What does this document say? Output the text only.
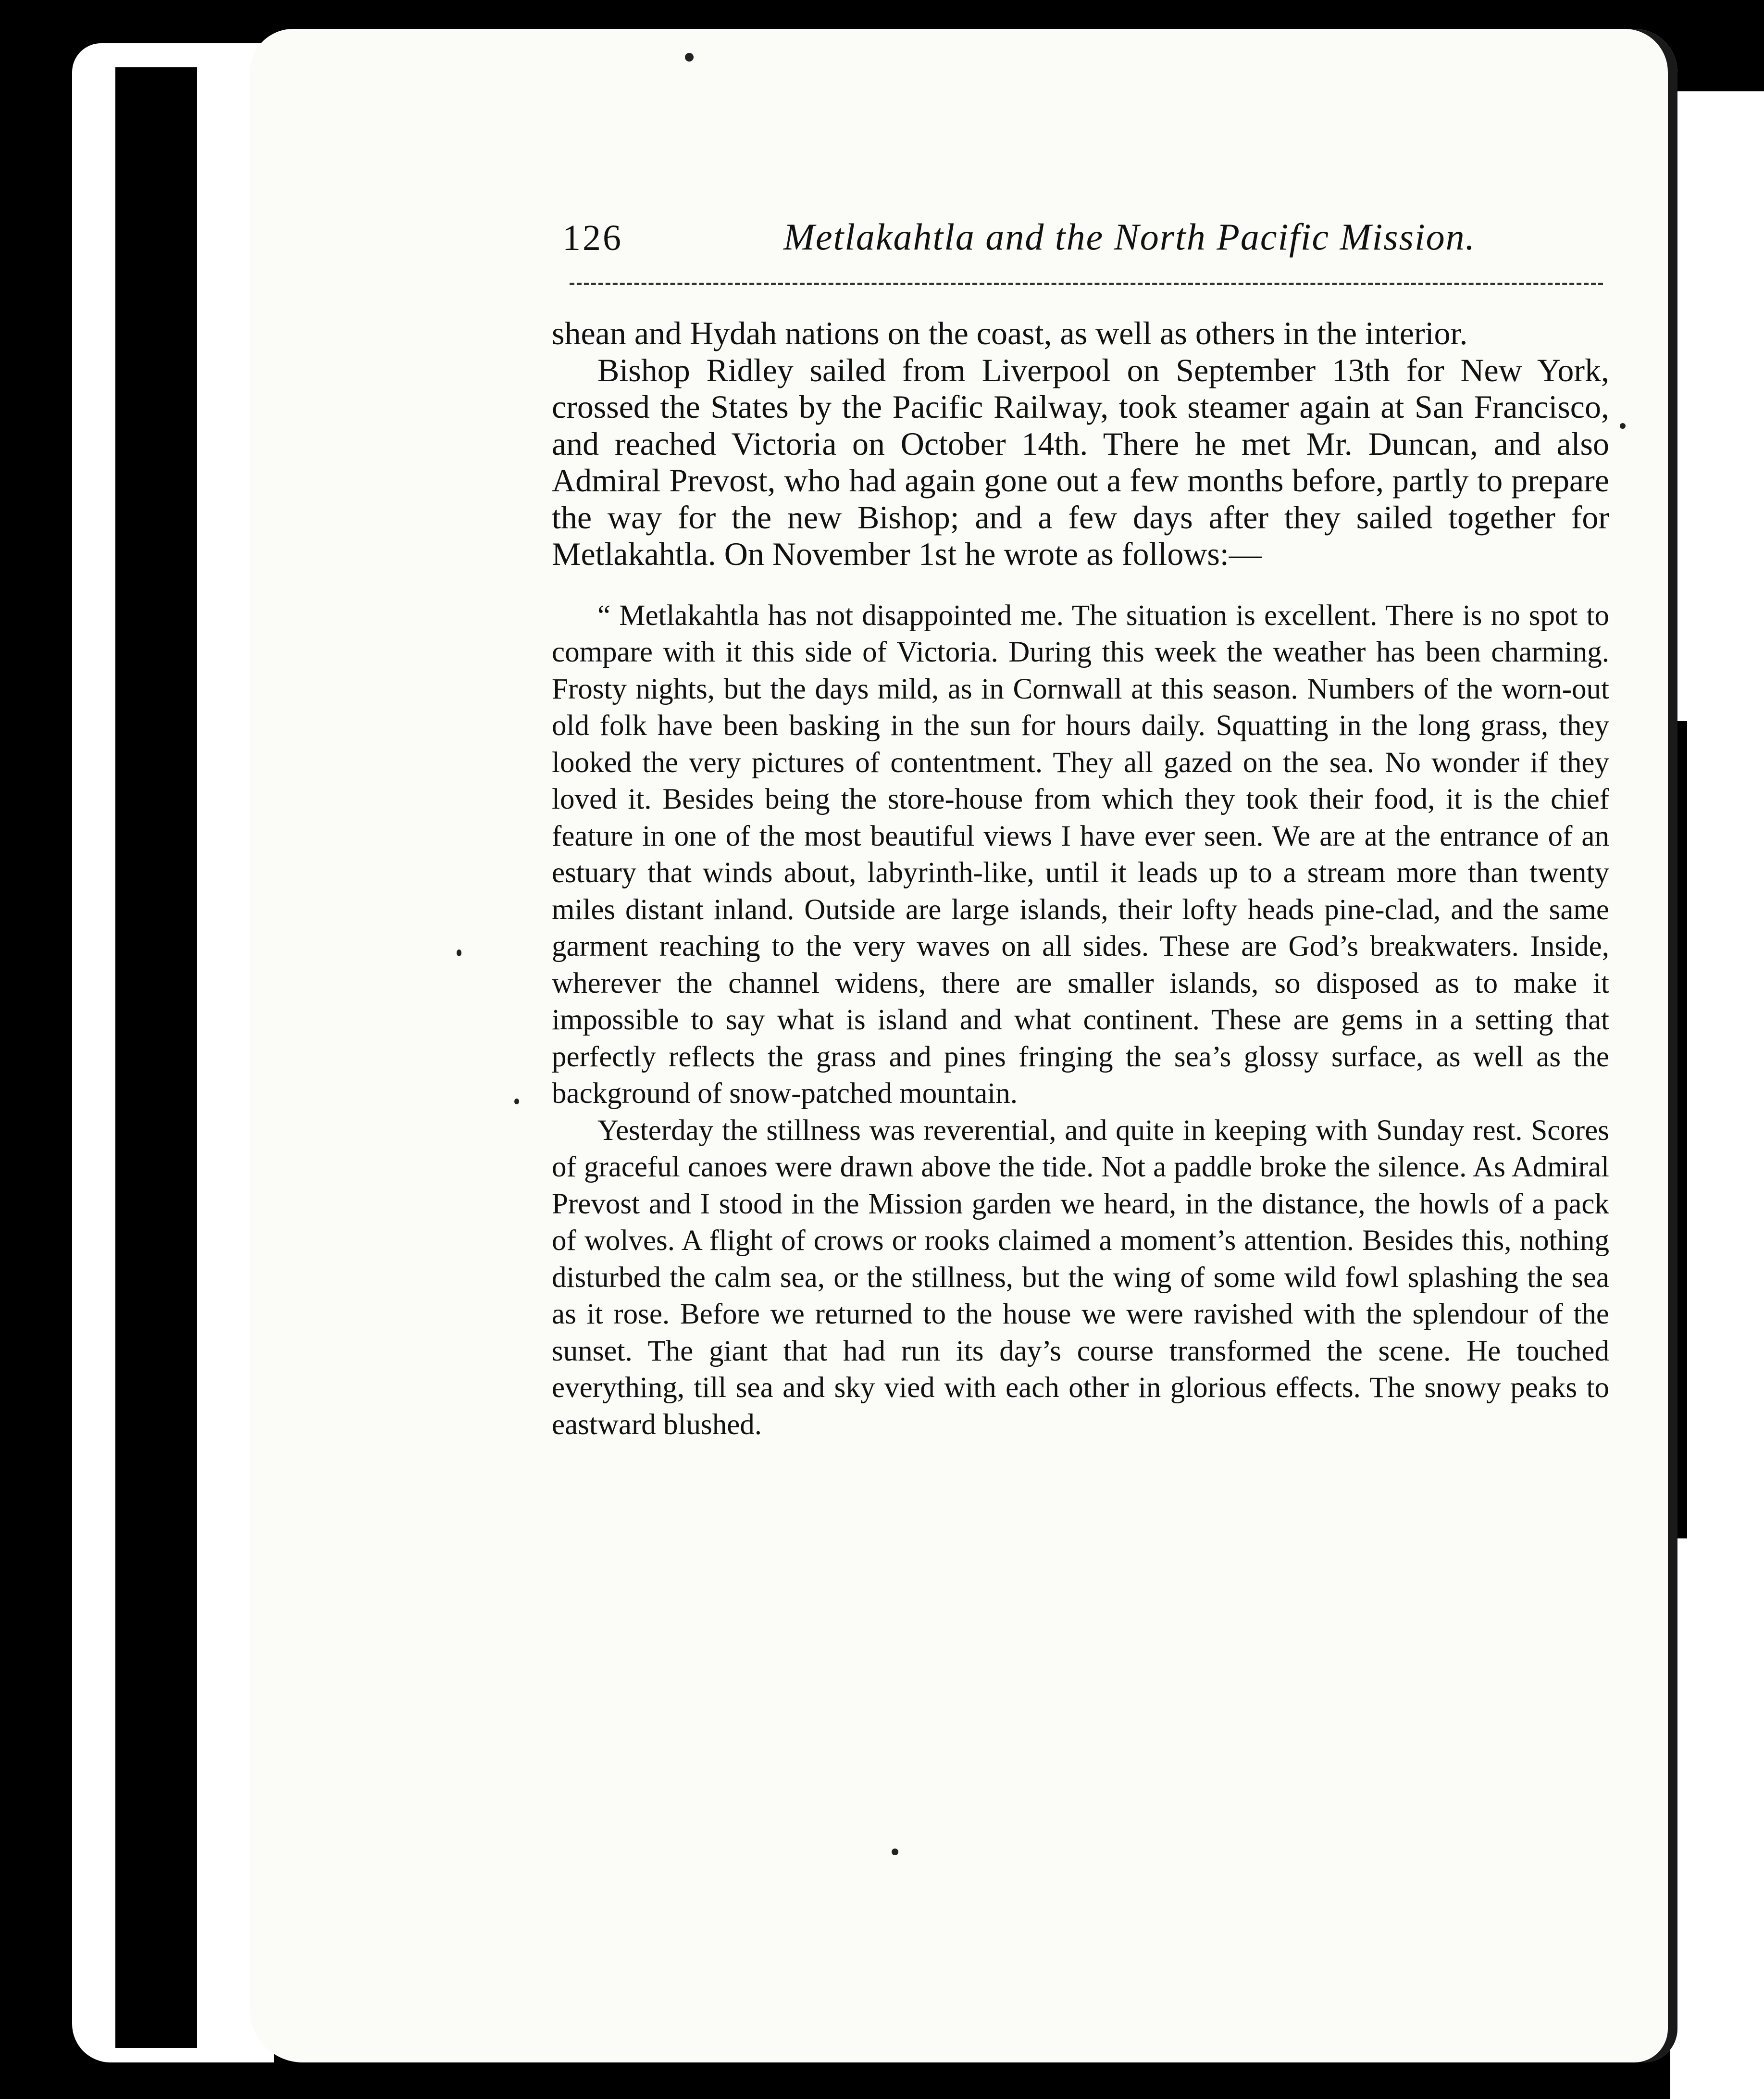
126	Metlakahtla and the North Pacific Mission.

shean and Hydah nations on the coast, as well as others in the interior.

Bishop Ridley sailed from Liverpool on September 13th for New York, crossed the States by the Pacific Railway, took steamer again at San Francisco, and reached Victoria on October 14th. There he met Mr. Duncan, and also Admiral Prevost, who had again gone out a few months before, partly to prepare the way for the new Bishop; and a few days after they sailed together for Metlakahtla. On November 1st he wrote as follows:—

“ Metlakahtla has not disappointed me. The situation is excellent. There is no spot to compare with it this side of Victoria. During this week the weather has been charming. Frosty nights, but the days mild, as in Cornwall at this season. Numbers of the worn-out old folk have been basking in the sun for hours daily. Squatting in the long grass, they looked the very pictures of contentment. They all gazed on the sea. No wonder if they loved it. Besides being the store-house from which they took their food, it is the chief feature in one of the most beautiful views I have ever seen. We are at the entrance of an estuary that winds about, labyrinth-like, until it leads up to a stream more than twenty miles distant inland. Outside are large islands, their lofty heads pine-clad, and the same garment reaching to the very waves on all sides. These are God’s breakwaters. Inside, wherever the channel widens, there are smaller islands, so disposed as to make it impossible to say what is island and what continent. These are gems in a setting that perfectly reflects the grass and pines fringing the sea’s glossy surface, as well as the background of snow-patched mountain.

Yesterday the stillness was reverential, and quite in keeping with Sunday rest. Scores of graceful canoes were drawn above the tide. Not a paddle broke the silence. As Admiral Prevost and I stood in the Mission garden we heard, in the distance, the howls of a pack of wolves. A flight of crows or rooks claimed a moment’s attention. Besides this, nothing disturbed the calm sea, or the stillness, but the wing of some wild fowl splashing the sea as it rose. Before we returned to the house we were ravished with the splendour of the sunset. The giant that had run its day’s course transformed the scene. He touched everything, till sea and sky vied with each other in glorious effects. The snowy peaks to eastward blushed.
